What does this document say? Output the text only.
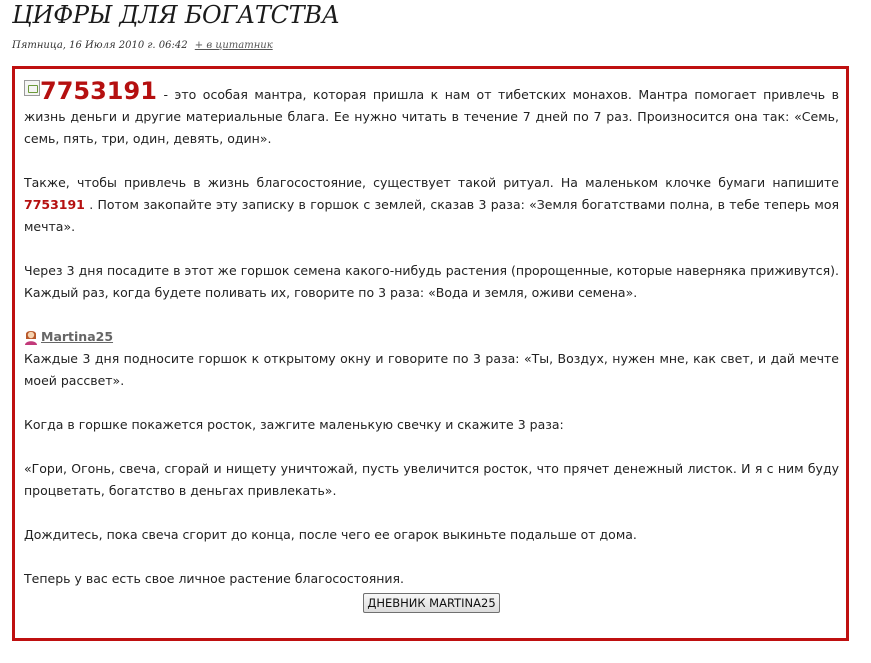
ЦИФРЫ ДЛЯ БОГАТСТВА
Пятница, 16 Июля 2010 г. 06:42 + в цитатник

7753191 - это особая мантра, которая пришла к нам от тибетских монахов. Мантра помогает привлечь в жизнь деньги и другие материальные блага. Ее нужно читать в течение 7 дней по 7 раз. Произносится она так: «Семь, семь, пять, три, один, девять, один».

Также, чтобы привлечь в жизнь благосостояние, существует такой ритуал. На маленьком клочке бумаги напишите 7753191 . Потом закопайте эту записку в горшок с землей, сказав 3 раза: «Земля богатствами полна, в тебе теперь моя мечта».

Через 3 дня посадите в этот же горшок семена какого-нибудь растения (пророщенные, которые наверняка приживутся). Каждый раз, когда будете поливать их, говорите по 3 раза: «Вода и земля, оживи семена».

Martina25

Каждые 3 дня подносите горшок к открытому окну и говорите по 3 раза: «Ты, Воздух, нужен мне, как свет, и дай мечте моей рассвет».

Когда в горшке покажется росток, зажгите маленькую свечку и скажите 3 раза:

«Гори, Огонь, свеча, сгорай и нищету уничтожай, пусть увеличится росток, что прячет денежный листок. И я с ним буду процветать, богатство в деньгах привлекать».

Дождитесь, пока свеча сгорит до конца, после чего ее огарок выкиньте подальше от дома.

Теперь у вас есть свое личное растение благосостояния.

ДНЕВНИК MARTINA25
